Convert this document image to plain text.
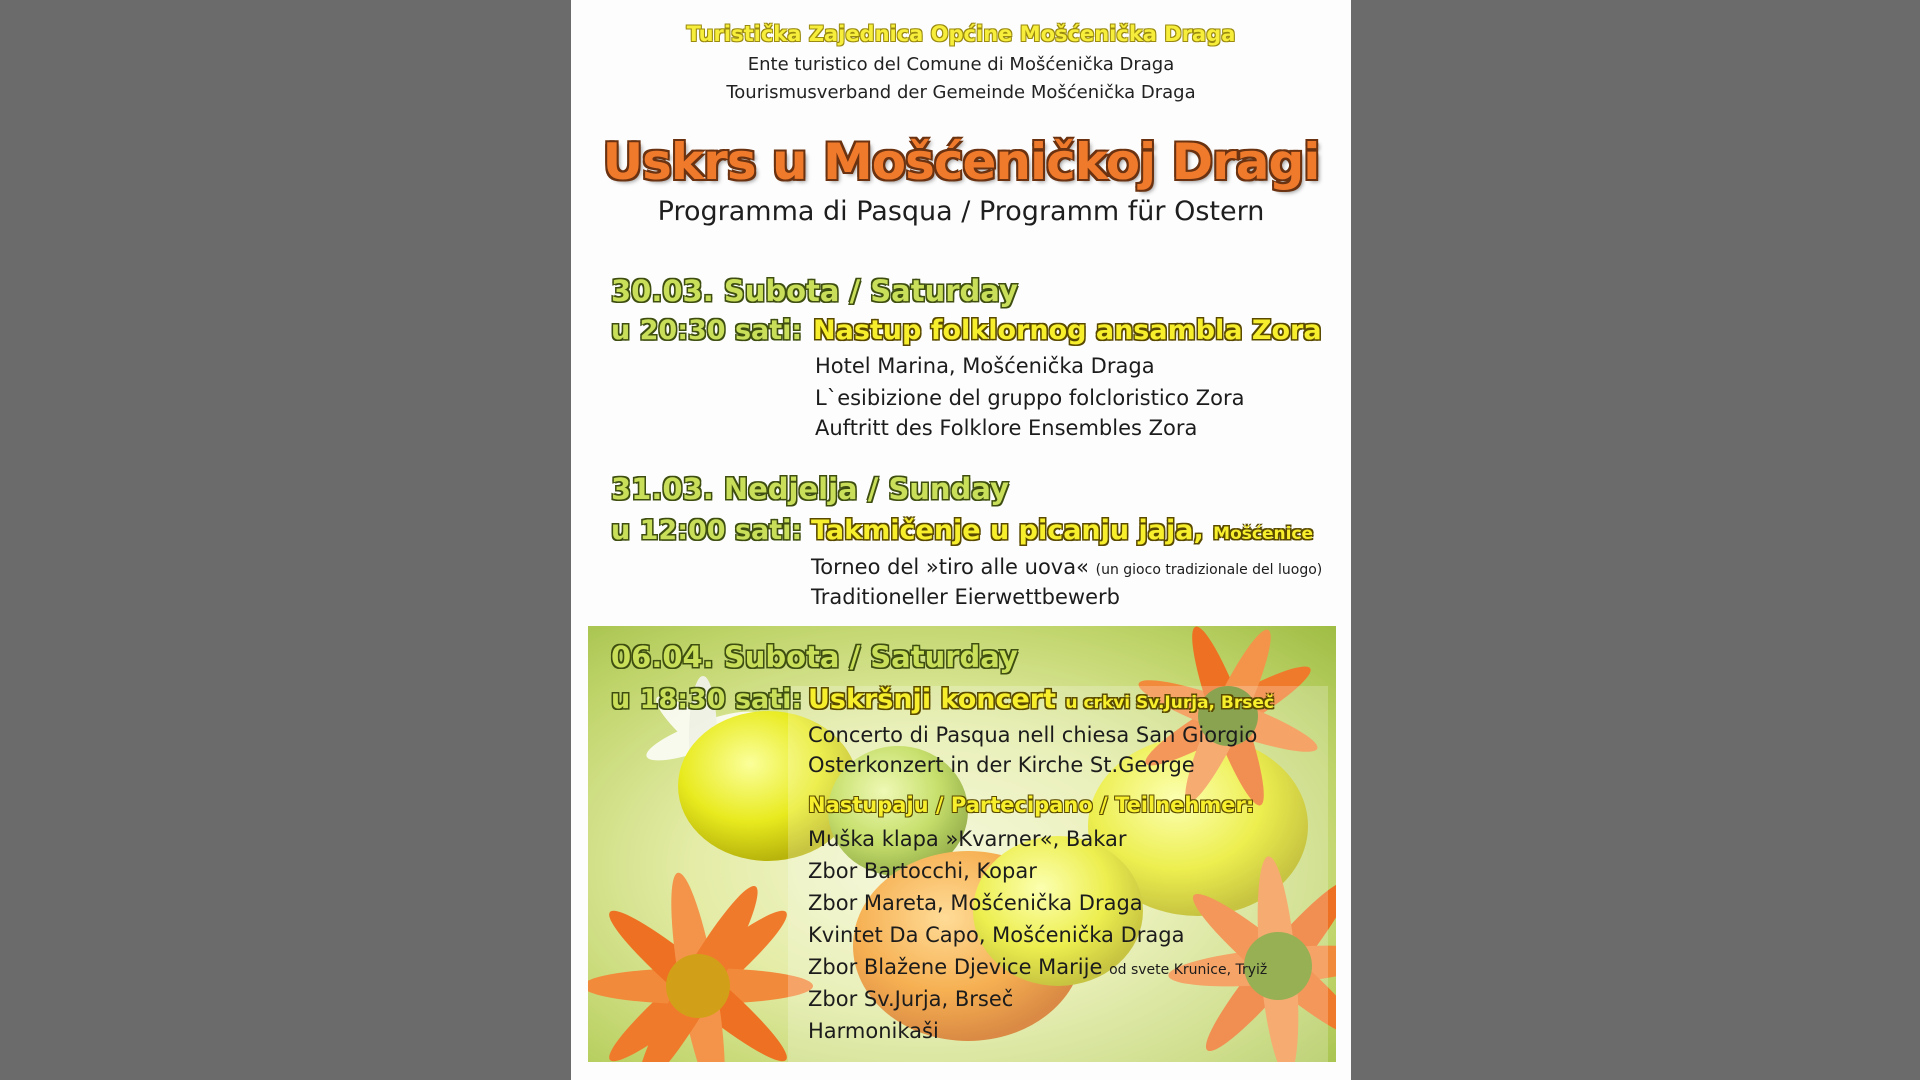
Turistička Zajednica Općine Mošćenička Draga
Ente turistico del Comune di Mošćenička Draga
Tourismusverband der Gemeinde Mošćenička Draga
Uskrs u Mošćeničkoj Dragi
Programma di Pasqua / Programm für Ostern
30.03. Subota / Saturday
u 20:30 sati: Nastup folklornog ansambla Zora
Hotel Marina, Mošćenička Draga
L`esibizione del gruppo folcloristico Zora
Auftritt des Folklore Ensembles Zora
31.03. Nedjelja / Sunday
u 12:00 sati: Takmičenje u picanju jaja, Mošćenice
Torneo del »tiro alle uova« (un gioco tradizionale del luogo)
Traditioneller Eierwettbewerb
06.04. Subota / Saturday
u 18:30 sati: Uskršnji koncert u crkvi Sv.Jurja, Brseč
Concerto di Pasqua nell chiesa San Giorgio
Osterkonzert in der Kirche St.George
Nastupaju / Partecipano / Teilnehmer:
Muška klapa »Kvarner«, Bakar
Zbor Bartocchi, Kopar
Zbor Mareta, Mošćenička Draga
Kvintet Da Capo, Mošćenička Draga
Zbor Blažene Djevice Marije od svete Krunice, Tryiž
Zbor Sv.Jurja, Brseč
Harmonikaši
